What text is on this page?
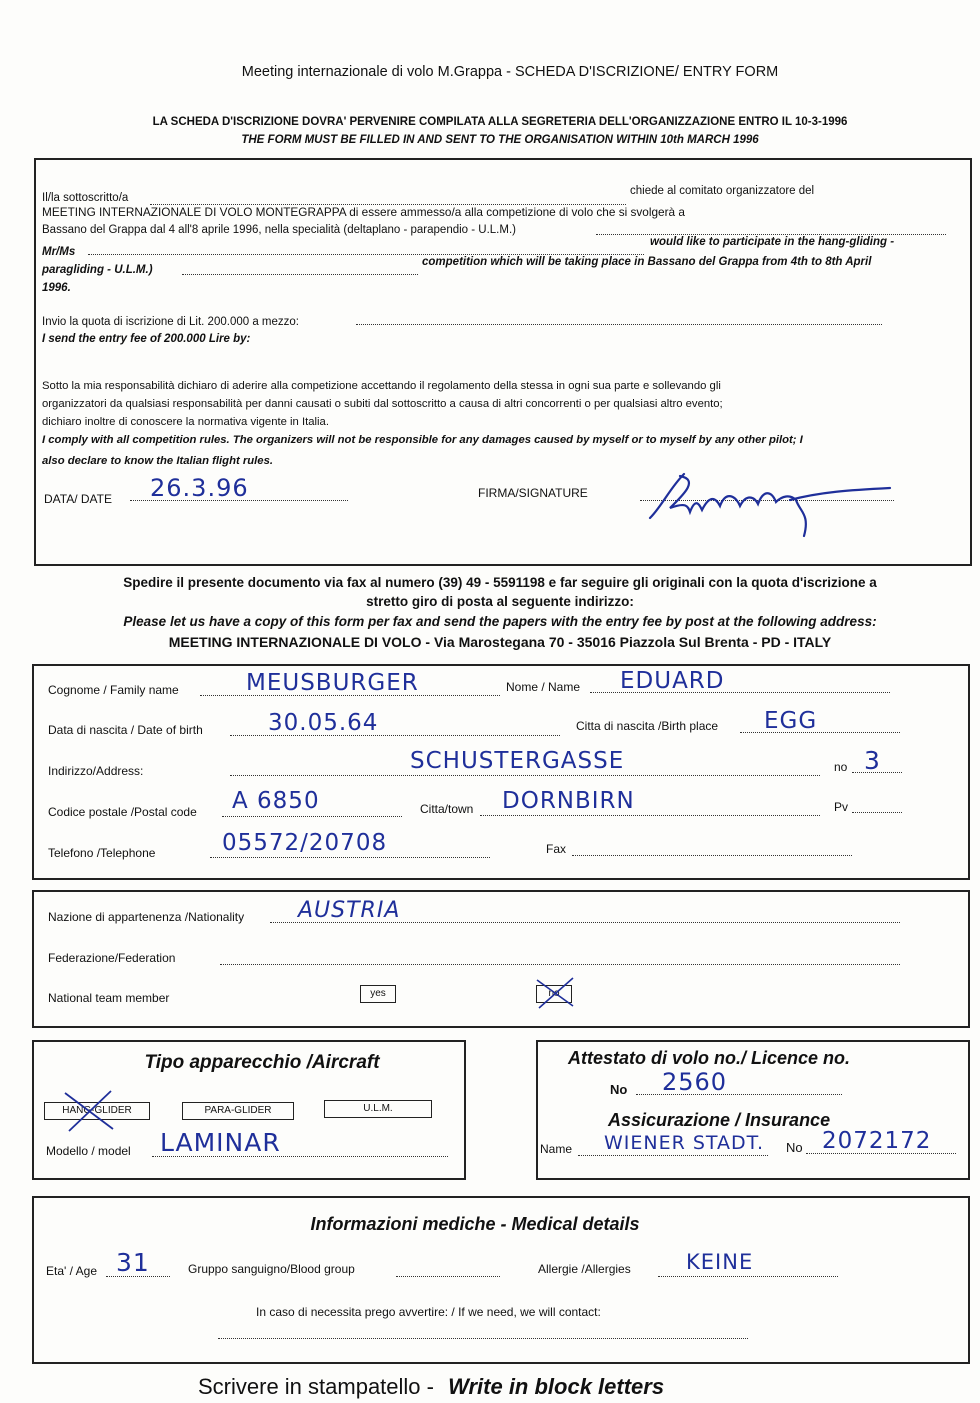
Meeting internazionale di volo M.Grappa - SCHEDA D'ISCRIZIONE/ ENTRY FORM
LA SCHEDA D'ISCRIZIONE DOVRA' PERVENIRE COMPILATA ALLA SEGRETERIA DELL'ORGANIZZAZIONE ENTRO IL 10-3-1996
THE FORM MUST BE FILLED IN AND SENT TO THE ORGANISATION WITHIN 10th MARCH 1996
Il/la sottoscritto/a
chiede al comitato organizzatore del
MEETING INTERNAZIONALE DI VOLO MONTEGRAPPA di essere ammesso/a alla competizione di volo che si svolgerà a
Bassano del Grappa dal 4 all'8 aprile 1996, nella specialità (deltaplano - parapendio - U.L.M.)
Mr/Ms
would like to participate in the hang-gliding -
paragliding - U.L.M.)
competition which will be taking place in Bassano del Grappa from 4th to 8th April
1996.
Invio la quota di iscrizione di Lit. 200.000 a mezzo:
I send the entry fee of 200.000 Lire by:
Sotto la mia responsabilità dichiaro di aderire alla competizione accettando il regolamento della stessa in ogni sua parte e sollevando gli
organizzatori da qualsiasi responsabilità per danni causati o subiti dal sottoscritto a causa di altri concorrenti o per qualsiasi altro evento;
dichiaro inoltre di conoscere la normativa vigente in Italia.
I comply with all competition rules. The organizers will not be responsible for any damages caused by myself or to myself by any other pilot; I
also declare to know the Italian flight rules.
DATA/ DATE 26.3.96	FIRMA/SIGNATURE
Spedire il presente documento via fax al numero (39) 49 - 5591198 e far seguire gli originali con la quota d'iscrizione a
stretto giro di posta al seguente indirizzo:
Please let us have a copy of this form per fax and send the papers with the entry fee by post at the following address:
MEETING INTERNAZIONALE DI VOLO - Via Marostegana 70 - 35016 Piazzola Sul Brenta - PD - ITALY
Cognome / Family name	MEUSBURGER	Nome / Name EDUARD
Data di nascita / Date of birth	30.05.64	Citta di nascita /Birth place EGG
Indirizzo/Address:	SCHUSTERGASSE	no 3
Codice postale /Postal code A 6850	Citta/town DORNBIRN	Pv
Telefono /Telephone	05572/20708	Fax
Nazione di appartenenza /Nationality AUSTRIA
Federazione/Federation
National team member	yes	no
Tipo apparecchio /Aircraft
HANG-GLIDER	PARA-GLIDER	U.L.M.
Modello / model LAMINAR
Attestato di volo no./ Licence no.
No 2560
Assicurazione / Insurance
Name WIENER STADT. No 2072172
Informazioni mediche - Medical details
Eta' / Age 31	Gruppo sanguigno/Blood group	Allergie /Allergies	KEINE
In caso di necessita prego avvertire: / If we need, we will contact:
Scrivere in stampatello - Write in block letters
